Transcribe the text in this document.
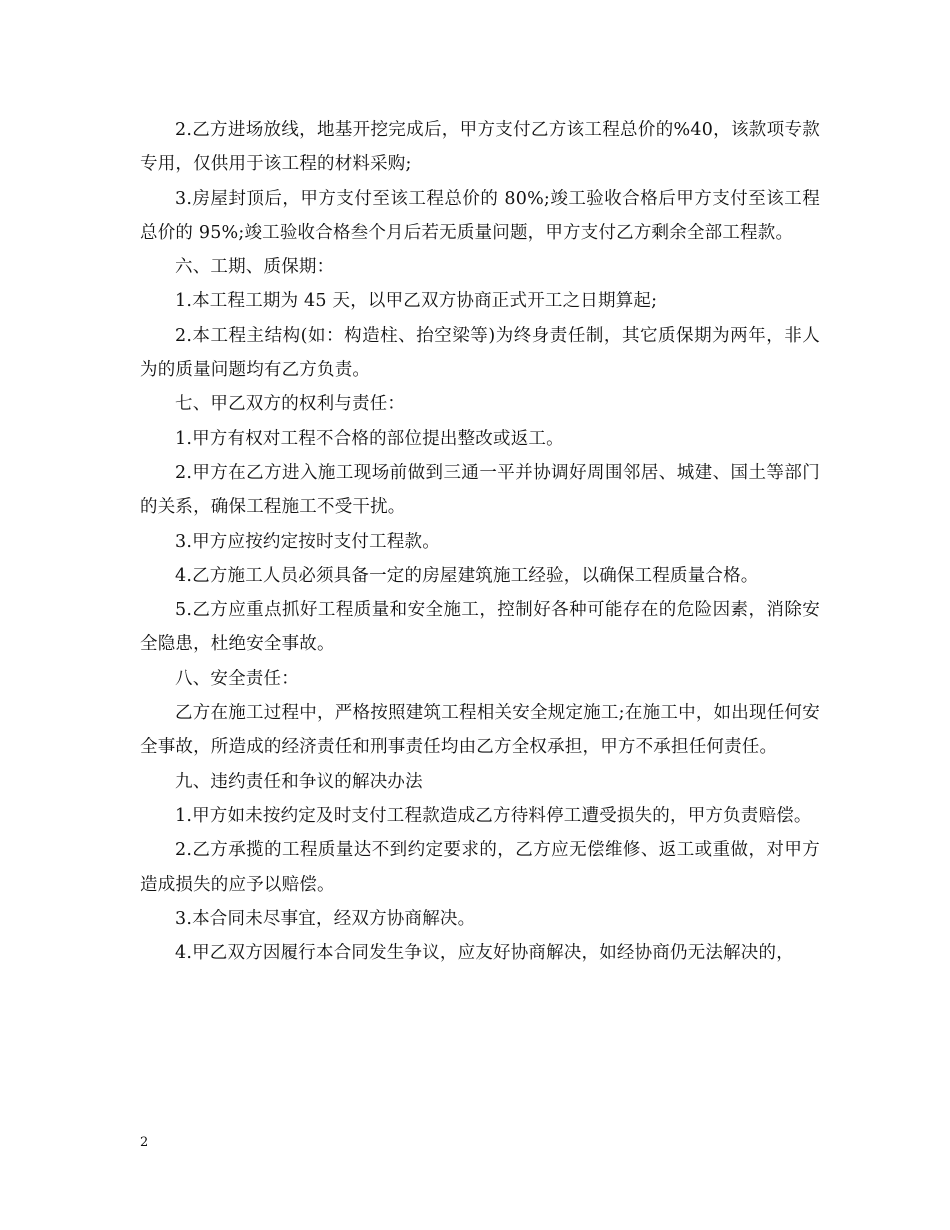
2.乙方进场放线，地基开挖完成后，甲方支付乙方该工程总价的%40，该款项专款专用，仅供用于该工程的材料采购;

3.房屋封顶后，甲方支付至该工程总价的 80%;竣工验收合格后甲方支付至该工程总价的 95%;竣工验收合格叁个月后若无质量问题，甲方支付乙方剩余全部工程款。

六、工期、质保期：

1.本工程工期为 45 天，以甲乙双方协商正式开工之日期算起;

2.本工程主结构(如：构造柱、抬空梁等)为终身责任制，其它质保期为两年，非人为的质量问题均有乙方负责。

七、甲乙双方的权利与责任：

1.甲方有权对工程不合格的部位提出整改或返工。

2.甲方在乙方进入施工现场前做到三通一平并协调好周围邻居、城建、国土等部门的关系，确保工程施工不受干扰。

3.甲方应按约定按时支付工程款。

4.乙方施工人员必须具备一定的房屋建筑施工经验，以确保工程质量合格。

5.乙方应重点抓好工程质量和安全施工，控制好各种可能存在的危险因素，消除安全隐患，杜绝安全事故。

八、安全责任：

乙方在施工过程中，严格按照建筑工程相关安全规定施工;在施工中，如出现任何安全事故，所造成的经济责任和刑事责任均由乙方全权承担，甲方不承担任何责任。

九、违约责任和争议的解决办法

1.甲方如未按约定及时支付工程款造成乙方待料停工遭受损失的，甲方负责赔偿。

2.乙方承揽的工程质量达不到约定要求的，乙方应无偿维修、返工或重做，对甲方造成损失的应予以赔偿。

3.本合同未尽事宜，经双方协商解决。

4.甲乙双方因履行本合同发生争议，应友好协商解决，如经协商仍无法解决的，

2
